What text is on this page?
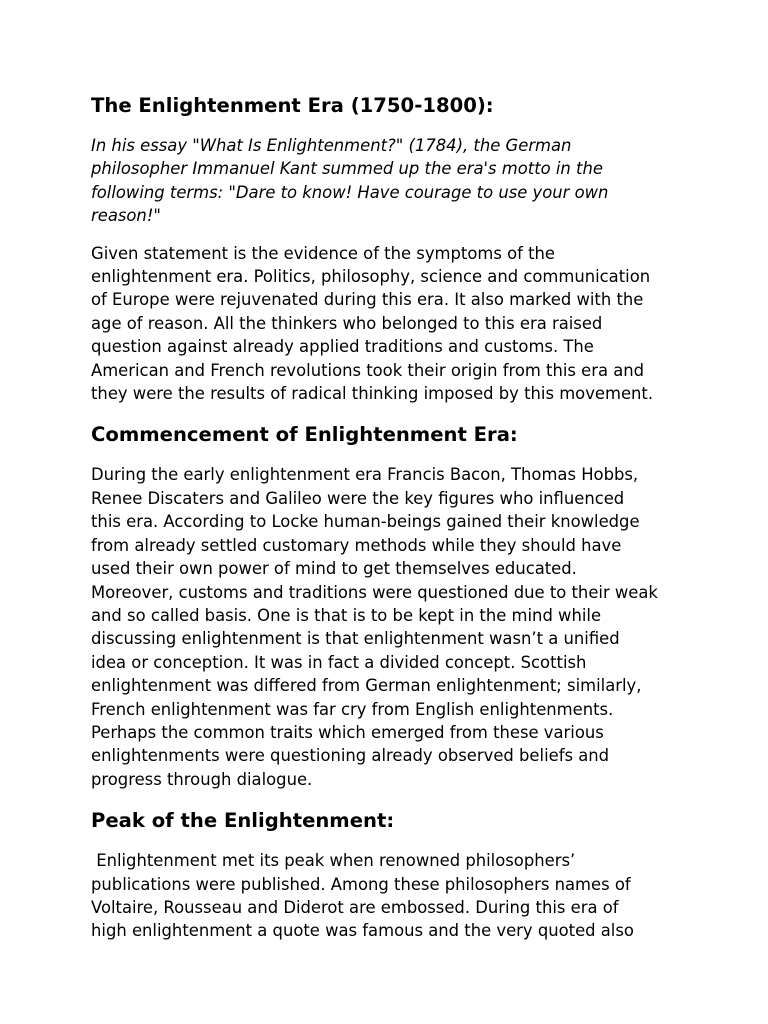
The Enlightenment Era (1750-1800):

In his essay "What Is Enlightenment?" (1784), the German
philosopher Immanuel Kant summed up the era's motto in the
following terms: "Dare to know! Have courage to use your own
reason!"

Given statement is the evidence of the symptoms of the
enlightenment era. Politics, philosophy, science and communication
of Europe were rejuvenated during this era. It also marked with the
age of reason. All the thinkers who belonged to this era raised
question against already applied traditions and customs. The
American and French revolutions took their origin from this era and
they were the results of radical thinking imposed by this movement.

Commencement of Enlightenment Era:

During the early enlightenment era Francis Bacon, Thomas Hobbs,
Renee Discaters and Galileo were the key figures who influenced
this era. According to Locke human-beings gained their knowledge
from already settled customary methods while they should have
used their own power of mind to get themselves educated.
Moreover, customs and traditions were questioned due to their weak
and so called basis. One is that is to be kept in the mind while
discussing enlightenment is that enlightenment wasn’t a unified
idea or conception. It was in fact a divided concept. Scottish
enlightenment was differed from German enlightenment; similarly,
French enlightenment was far cry from English enlightenments.
Perhaps the common traits which emerged from these various
enlightenments were questioning already observed beliefs and
progress through dialogue.

Peak of the Enlightenment:

Enlightenment met its peak when renowned philosophers’
publications were published. Among these philosophers names of
Voltaire, Rousseau and Diderot are embossed. During this era of
high enlightenment a quote was famous and the very quoted also
